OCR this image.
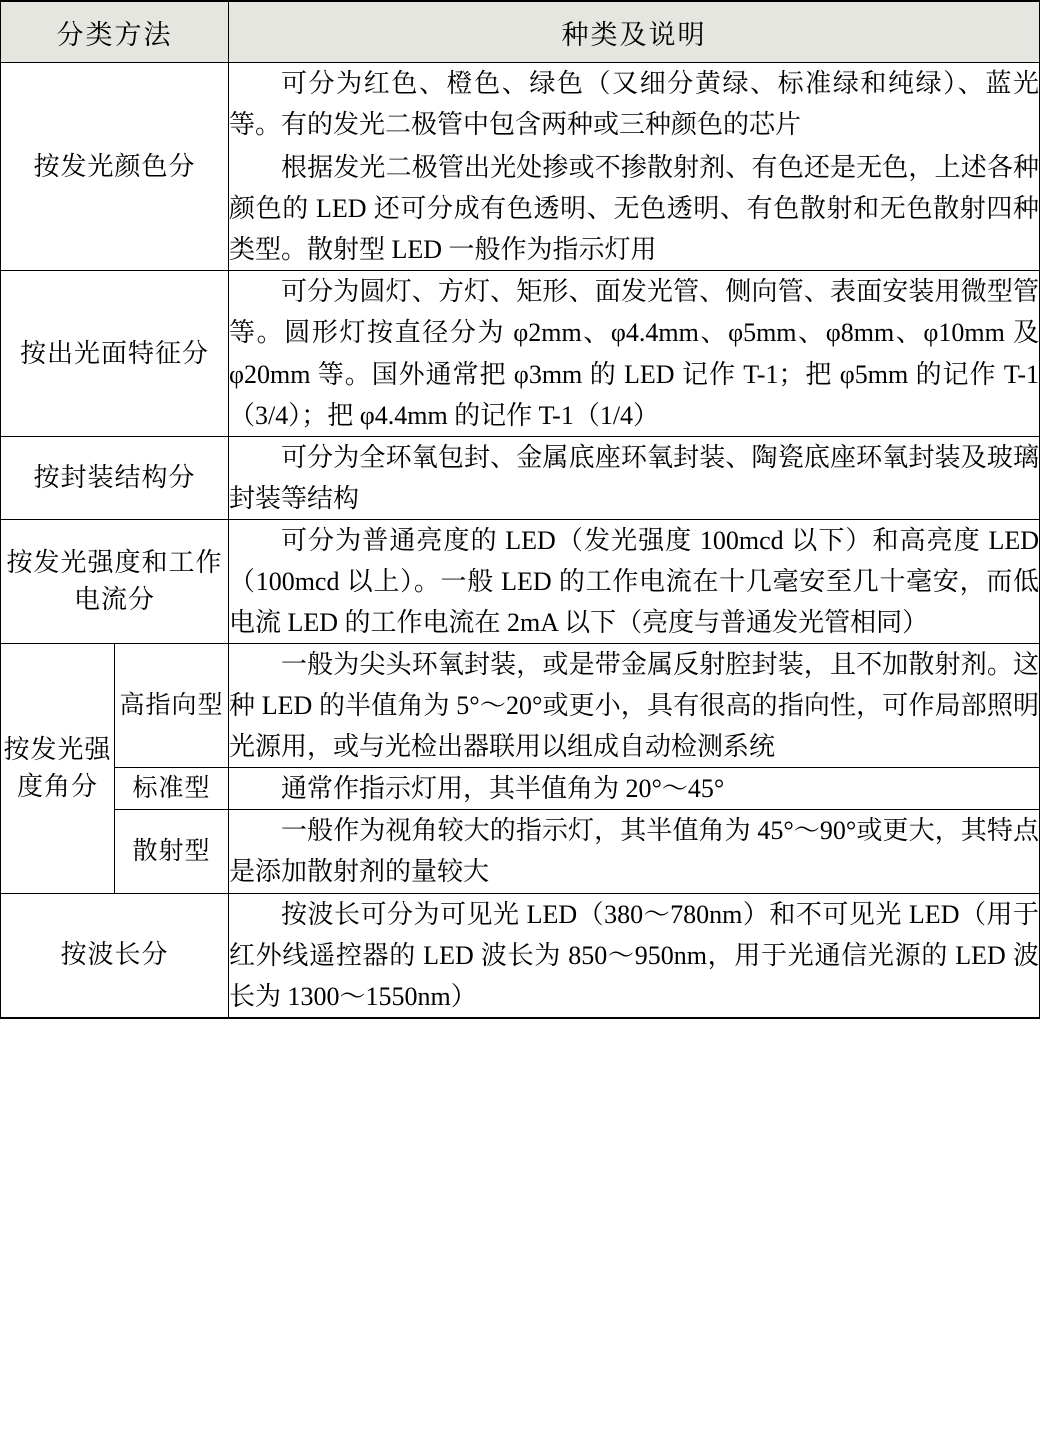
分类方法		种类及说明
按发光颜色分		可分为红色、橙色、绿色（又细分黄绿、标准绿和纯绿）、蓝光等。有的发光二极管中包含两种或三种颜色的芯片

根据发光二极管出光处掺或不掺散射剂、有色还是无色，上述各种颜色的 LED 还可分成有色透明、无色透明、有色散射和无色散射四种类型。散射型 LED 一般作为指示灯用

按出光面特征分		可分为圆灯、方灯、矩形、面发光管、侧向管、表面安装用微型管等。圆形灯按直径分为 φ2mm、φ4.4mm、φ5mm、φ8mm、φ10mm 及 φ20mm 等。国外通常把 φ3mm 的 LED 记作 T-1；把 φ5mm 的记作 T-1（3/4）；把 φ4.4mm 的记作 T-1（1/4）

按封装结构分		可分为全环氧包封、金属底座环氧封装、陶瓷底座环氧封装及玻璃封装等结构

按发光强度和工作电流分		可分为普通亮度的 LED（发光强度 100mcd 以下）和高亮度 LED（100mcd 以上）。一般 LED 的工作电流在十几毫安至几十毫安，而低电流 LED 的工作电流在 2mA 以下（亮度与普通发光管相同）

按发光强度角分	高指向型	一般为尖头环氧封装，或是带金属反射腔封装，且不加散射剂。这种 LED 的半值角为 5°～20°或更小，具有很高的指向性，可作局部照明光源用，或与光检出器联用以组成自动检测系统

	标准型	通常作指示灯用，其半值角为 20°～45°

	散射型	一般作为视角较大的指示灯，其半值角为 45°～90°或更大，其特点是添加散射剂的量较大

按波长分		按波长可分为可见光 LED（380～780nm）和不可见光 LED（用于红外线遥控器的 LED 波长为 850～950nm，用于光通信光源的 LED 波长为 1300～1550nm）
